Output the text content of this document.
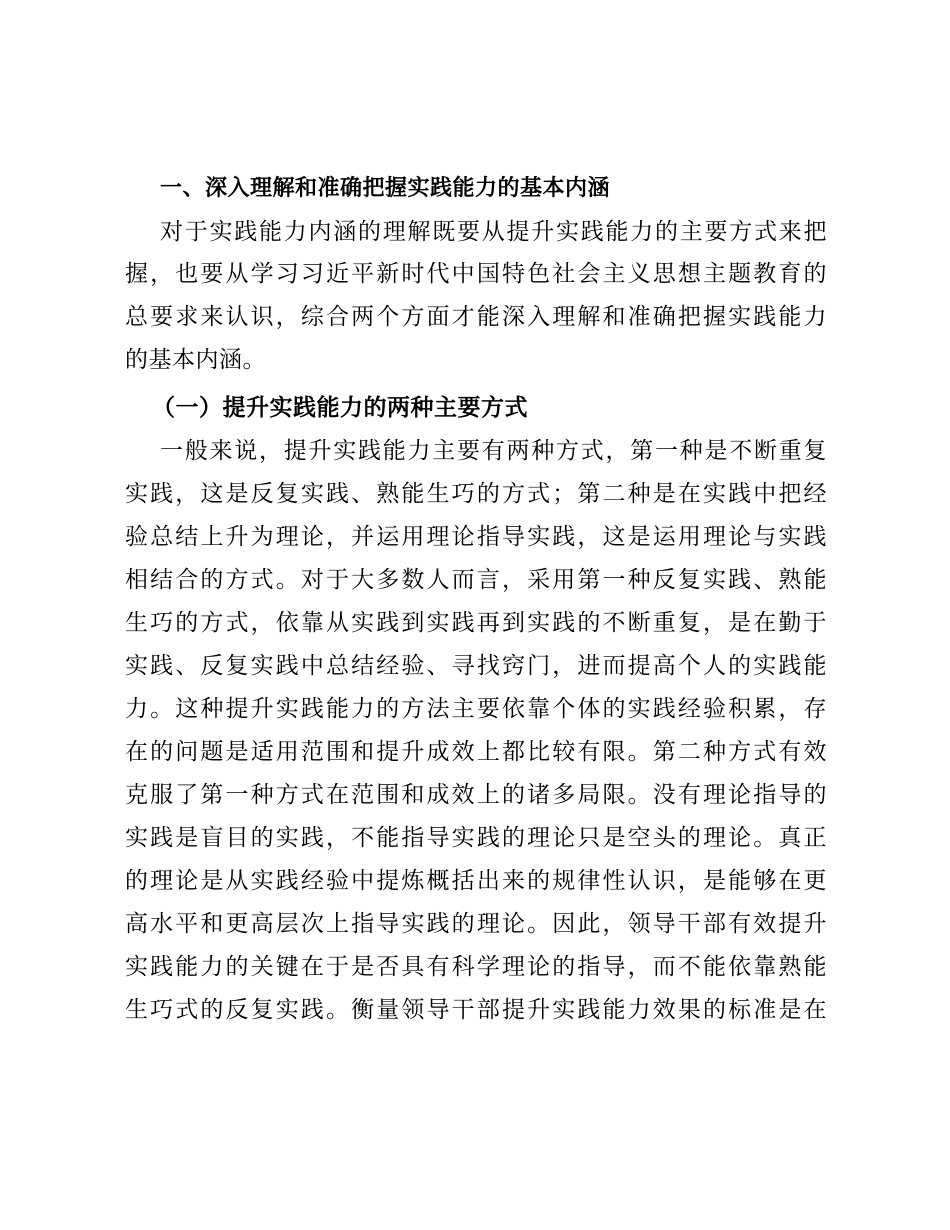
一、深入理解和准确把握实践能力的基本内涵
对于实践能力内涵的理解既要从提升实践能力的主要方式来把
握，也要从学习习近平新时代中国特色社会主义思想主题教育的
总要求来认识，综合两个方面才能深入理解和准确把握实践能力
的基本内涵。
（一）提升实践能力的两种主要方式
一般来说，提升实践能力主要有两种方式，第一种是不断重复
实践，这是反复实践、熟能生巧的方式；第二种是在实践中把经
验总结上升为理论，并运用理论指导实践，这是运用理论与实践
相结合的方式。对于大多数人而言，采用第一种反复实践、熟能
生巧的方式，依靠从实践到实践再到实践的不断重复，是在勤于
实践、反复实践中总结经验、寻找窍门，进而提高个人的实践能
力。这种提升实践能力的方法主要依靠个体的实践经验积累，存
在的问题是适用范围和提升成效上都比较有限。第二种方式有效
克服了第一种方式在范围和成效上的诸多局限。没有理论指导的
实践是盲目的实践，不能指导实践的理论只是空头的理论。真正
的理论是从实践经验中提炼概括出来的规律性认识，是能够在更
高水平和更高层次上指导实践的理论。因此，领导干部有效提升
实践能力的关键在于是否具有科学理论的指导，而不能依靠熟能
生巧式的反复实践。衡量领导干部提升实践能力效果的标准是在
